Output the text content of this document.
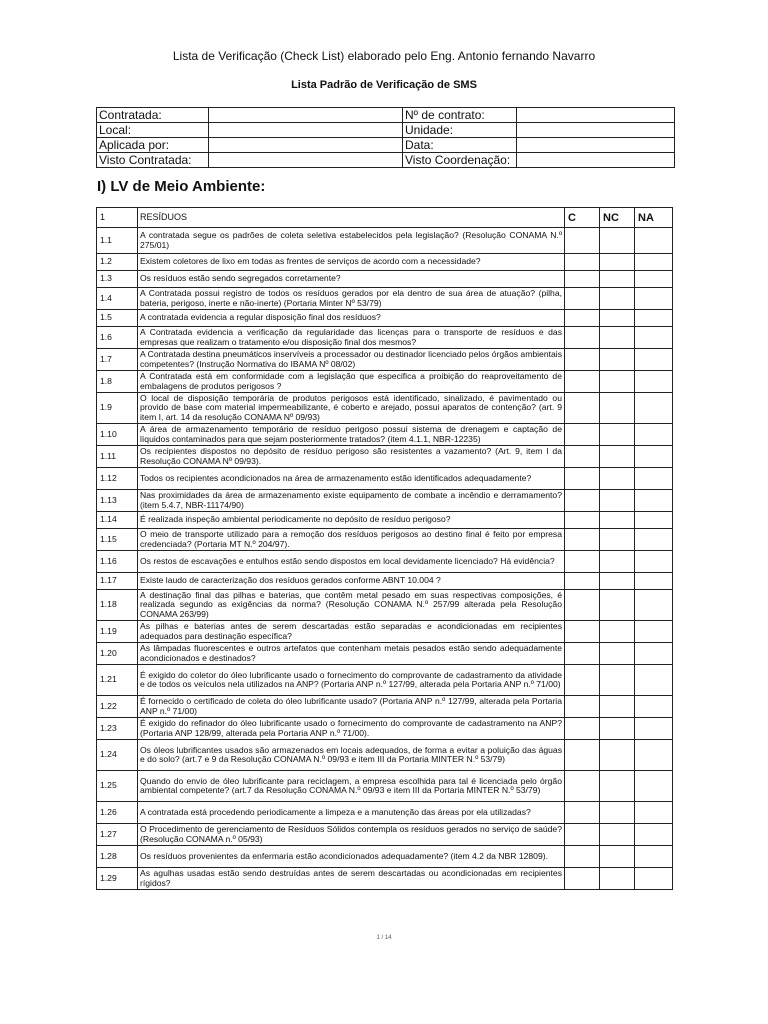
Lista de Verificação (Check List) elaborado pelo Eng. Antonio fernando Navarro
Lista Padrão de Verificação de SMS
Contratada:		Nº de contrato:	
Local:		Unidade:	
Aplicada por:		Data:	
Visto Contratada:		Visto Coordenação:	
I) LV de Meio Ambiente:
1	RESÍDUOS	C	NC	NA
1.1	A contratada segue os padrões de coleta seletiva estabelecidos pela legislação? (Resolução CONAMA N.º 275/01)			
1.2	Existem coletores de lixo em todas as frentes de serviços de acordo com a necessidade?			
1.3	Os resíduos estão sendo segregados corretamente?			
1.4	A Contratada possui registro de todos os resíduos gerados por ela dentro de sua área de atuação? (pilha, bateria, perigoso, inerte e não-inerte) (Portaria Minter Nº 53/79)			
1.5	A contratada evidencia a regular disposição final dos resíduos?			
1.6	A Contratada evidencia a verificação da regularidade das licenças para o transporte de resíduos e das empresas que realizam o tratamento e/ou disposição final dos mesmos?			
1.7	A Contratada destina pneumáticos inservíveis a processador ou destinador licenciado pelos órgãos ambientais competentes? (Instrução Normativa do IBAMA Nº 08/02)			
1.8	A Contratada está em conformidade com a legislação que especifica a proibição do reaproveitamento de embalagens de produtos perigosos ?			
1.9	O local de disposição temporária de produtos perigosos está identificado, sinalizado, é pavimentado ou provido de base com material impermeabilizante, é coberto e arejado, possui aparatos de contenção? (art. 9 item I, art. 14 da resolução CONAMA Nº 09/93)			
1.10	A área de armazenamento temporário de resíduo perigoso possui sistema de drenagem e captação de líquidos contaminados para que sejam posteriormente tratados? (item 4.1.1, NBR-12235)			
1.11	Os recipientes dispostos no depósito de resíduo perigoso são resistentes a vazamento? (Art. 9, item I da Resolução CONAMA Nº 09/93).			
1.12	Todos os recipientes acondicionados na área de armazenamento estão identificados adequadamente?			
1.13	Nas proximidades da área de armazenamento existe equipamento de combate a incêndio e derramamento? (item 5.4.7, NBR-11174/90)			
1.14	É realizada inspeção ambiental periodicamente no depósito de resíduo perigoso?			
1.15	O meio de transporte utilizado para a remoção dos resíduos perigosos ao destino final é feito por empresa credenciada? (Portaria MT N.º 204/97).			
1.16	Os restos de escavações e entulhos estão sendo dispostos em local devidamente licenciado? Há evidência?			
1.17	Existe laudo de caracterização dos resíduos gerados conforme ABNT 10.004 ?			
1.18	A destinação final das pilhas e baterias, que contêm metal pesado em suas respectivas composições, é realizada segundo as exigências da norma? (Resolução CONAMA N.º 257/99 alterada pela Resolução CONAMA 263/99)			
1.19	As pilhas e baterias antes de serem descartadas estão separadas e acondicionadas em recipientes adequados para destinação específica?			
1.20	As lâmpadas fluorescentes e outros artefatos que contenham metais pesados estão sendo adequadamente acondicionados e destinados?			
1.21	É exigido do coletor do óleo lubrificante usado o fornecimento do comprovante de cadastramento da atividade e de todos os veículos nela utilizados na ANP? (Portaria ANP n.º 127/99, alterada pela Portaria ANP n.º 71/00)			
1.22	É fornecido o certificado de coleta do óleo lubrificante usado? (Portaria ANP n.º 127/99, alterada pela Portaria ANP n.º 71/00)			
1.23	É exigido do refinador do óleo lubrificante usado o fornecimento do comprovante de cadastramento na ANP? (Portaria ANP 128/99, alterada pela Portaria ANP n.º 71/00).			
1.24	Os óleos lubrificantes usados são armazenados em locais adequados, de forma a evitar a poluição das águas e do solo? (art.7 e 9 da Resolução CONAMA N.º 09/93 e item III da Portaria MINTER N.º 53/79)			
1.25	Quando do envio de óleo lubrificante para reciclagem, a empresa escolhida para tal é licenciada pelo órgão ambiental competente? (art.7 da Resolução CONAMA N.º 09/93 e item III da Portaria MINTER N.º 53/79)			
1.26	A contratada está procedendo periodicamente a limpeza e a manutenção das áreas por ela utilizadas?			
1.27	O Procedimento de gerenciamento de Resíduos Sólidos contempla os resíduos gerados no serviço de saúde? (Resolução CONAMA n.º 05/93)			
1.28	Os resíduos provenientes da enfermaria estão acondicionados adequadamente? (item 4.2 da NBR 12809).			
1.29	As agulhas usadas estão sendo destruídas antes de serem descartadas ou acondicionadas em recipientes rígidos?			
1 / 14
